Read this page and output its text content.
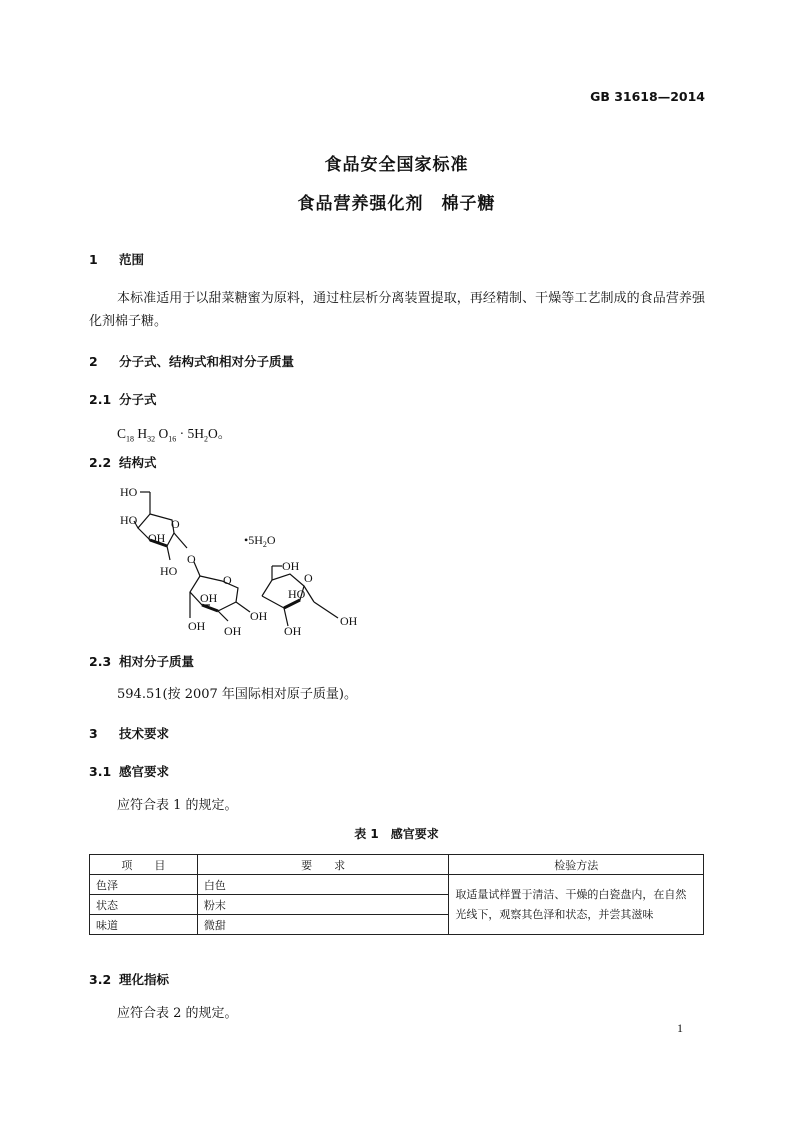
GB 31618—2014
食品安全国家标准
食品营养强化剂　棉子糖
1 范围
本标准适用于以甜菜糖蜜为原料，通过柱层析分离装置提取，再经精制、干燥等工艺制成的食品营养强化剂棉子糖。
2 分子式、结构式和相对分子质量
2.1 分子式
$C_{18}$ $H_{32}$ $O_{16} \cdot 5H_2O$。
2.2 结构式
HO
HO
OH
HO
O
O
OH
OH OH
O
OH
OH
OH
HO
O
OH
$•5H_2O$
2.3 相对分子质量
594.51(按 2007 年国际相对原子质量)。
3 技术要求
3.1 感官要求
应符合表 1 的规定。
表 1　感官要求
项　　目	要　　求	检验方法
色泽	白色	取适量试样置于清洁、干燥的白瓷盘内，在自然光线下，观察其色泽和状态，并尝其滋味
状态	粉末	
味道	微甜	
3.2 理化指标
应符合表 2 的规定。
1
